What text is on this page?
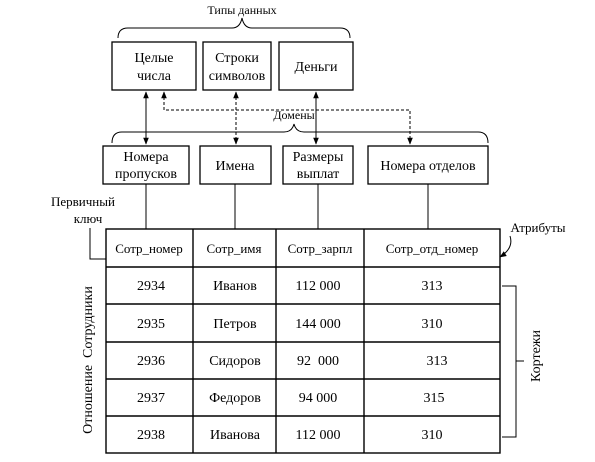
Типы данных
Целые
числа
Строки
символов
Деньги
Домены
Номера
пропусков
Имена
Размеры
выплат
Номера отделов
Первичный
ключ
Атрибуты
Сотр_номер Сотр_имя Сотр_зарпл	Сотр_отд_номер
2934	Иванов	112 000	313
2935	Петров	144 000	310
2936	Сидоров	92  000	313
2937	Федоров	94 000	315
2938	Иванова	112 000	310
Отношение  Сотрудники	Кортежи
